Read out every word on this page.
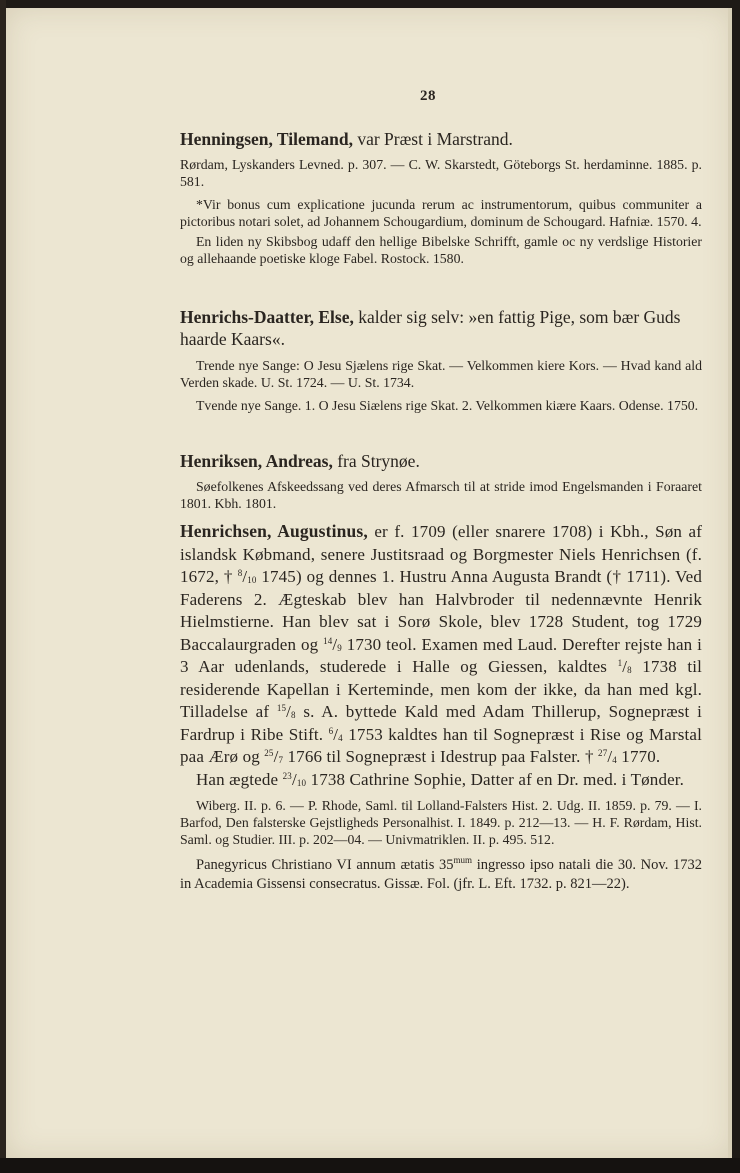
28

Henningsen, Tilemand, var Præst i Marstrand.

Rørdam, Lyskanders Levned. p. 307. — C. W. Skarstedt, Göteborgs St. herdaminne. 1885. p. 581.

*Vir bonus cum explicatione jucunda rerum ac instrumentorum, quibus communiter a pictoribus notari solet, ad Johannem Schougardium, dominum de Schougard. Hafniæ. 1570. 4.

En liden ny Skibsbog udaff den hellige Bibelske Schrifft, gamle oc ny verdslige Historier og allehaande poetiske kloge Fabel. Rostock. 1580.

Henrichs-Daatter, Else, kalder sig selv: »en fattig Pige, som bær Guds haarde Kaars«.

Trende nye Sange: O Jesu Sjælens rige Skat. — Velkommen kiere Kors. — Hvad kand ald Verden skade. U. St. 1724. — U. St. 1734.

Tvende nye Sange. 1. O Jesu Siælens rige Skat. 2. Velkommen kiære Kaars. Odense. 1750.

Henriksen, Andreas, fra Strynøe.

Søefolkenes Afskeedssang ved deres Afmarsch til at stride imod Engelsmanden i Foraaret 1801. Kbh. 1801.

Henrichsen, Augustinus, er f. 1709 (eller snarere 1708) i Kbh., Søn af islandsk Købmand, senere Justitsraad og Borgmester Niels Henrichsen (f. 1672, † $^8/_{10}$ 1745) og dennes 1. Hustru Anna Augusta Brandt († 1711). Ved Faderens 2. Ægteskab blev han Halvbroder til nedennævnte Henrik Hielmstierne. Han blev sat i Sorø Skole, blev 1728 Student, tog 1729 Baccalaurgraden og $^{14}/_9$ 1730 teol. Examen med Laud. Derefter rejste han i 3 Aar udenlands, studerede i Halle og Giessen, kaldtes $^1/_8$ 1738 til residerende Kapellan i Kerteminde, men kom der ikke, da han med kgl. Tilladelse af $^{15}/_8$ s. A. byttede Kald med Adam Thillerup, Sognepræst i Fardrup i Ribe Stift. $^6/_4$ 1753 kaldtes han til Sognepræst i Rise og Marstal paa Ærø og $^{25}/_7$ 1766 til Sognepræst i Idestrup paa Falster. † $^{27}/_4$ 1770.

Han ægtede $^{23}/_{10}$ 1738 Cathrine Sophie, Datter af en Dr. med. i Tønder.

Wiberg. II. p. 6. — P. Rhode, Saml. til Lolland-Falsters Hist. 2. Udg. II. 1859. p. 79. — I. Barfod, Den falsterske Gejstligheds Personalhist. I. 1849. p. 212—13. — H. F. Rørdam, Hist. Saml. og Studier. III. p. 202—04. — Univmatriklen. II. p. 495. 512.

Panegyricus Christiano VI annum ætatis $35^{mum}$ ingresso ipso natali die 30. Nov. 1732 in Academia Gissensi consecratus. Gissæ. Fol. (jfr. L. Eft. 1732. p. 821—22).
